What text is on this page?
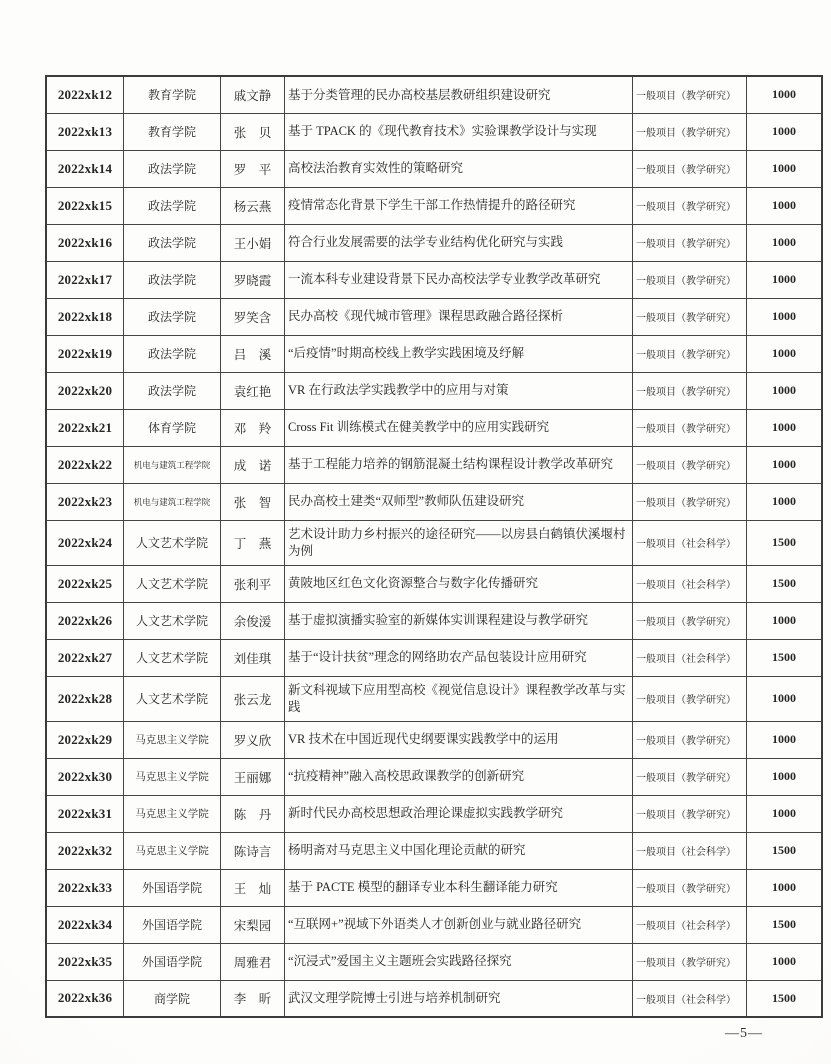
2022xk12	教育学院	戚文静	基于分类管理的民办高校基层教研组织建设研究	一般项目（教学研究）	1000
2022xk13	教育学院	张　贝	基于 TPACK 的《现代教育技术》实验课教学设计与实现	一般项目（教学研究）	1000
2022xk14	政法学院	罗　平	高校法治教育实效性的策略研究	一般项目（教学研究）	1000
2022xk15	政法学院	杨云燕	疫情常态化背景下学生干部工作热情提升的路径研究	一般项目（教学研究）	1000
2022xk16	政法学院	王小娟	符合行业发展需要的法学专业结构优化研究与实践	一般项目（教学研究）	1000
2022xk17	政法学院	罗晓霞	一流本科专业建设背景下民办高校法学专业教学改革研究	一般项目（教学研究）	1000
2022xk18	政法学院	罗笑含	民办高校《现代城市管理》课程思政融合路径探析	一般项目（教学研究）	1000
2022xk19	政法学院	吕　溪	“后疫情”时期高校线上教学实践困境及纾解	一般项目（教学研究）	1000
2022xk20	政法学院	袁红艳	VR 在行政法学实践教学中的应用与对策	一般项目（教学研究）	1000
2022xk21	体育学院	邓　羚	Cross Fit 训练模式在健美教学中的应用实践研究	一般项目（教学研究）	1000
2022xk22	机电与建筑工程学院	成　诺	基于工程能力培养的钢筋混凝土结构课程设计教学改革研究	一般项目（教学研究）	1000
2022xk23	机电与建筑工程学院	张　智	民办高校土建类“双师型”教师队伍建设研究	一般项目（教学研究）	1000
2022xk24	人文艺术学院	丁　燕	艺术设计助力乡村振兴的途径研究——以房县白鹤镇伏溪堰村为例	一般项目（社会科学）	1500
2022xk25	人文艺术学院	张利平	黄陂地区红色文化资源整合与数字化传播研究	一般项目（社会科学）	1500
2022xk26	人文艺术学院	余俊湲	基于虚拟演播实验室的新媒体实训课程建设与教学研究	一般项目（教学研究）	1000
2022xk27	人文艺术学院	刘佳琪	基于“设计扶贫”理念的网络助农产品包装设计应用研究	一般项目（社会科学）	1500
2022xk28	人文艺术学院	张云龙	新文科视域下应用型高校《视觉信息设计》课程教学改革与实践	一般项目（教学研究）	1000
2022xk29	马克思主义学院	罗义欣	VR 技术在中国近现代史纲要课实践教学中的运用	一般项目（教学研究）	1000
2022xk30	马克思主义学院	王丽娜	“抗疫精神”融入高校思政课教学的创新研究	一般项目（教学研究）	1000
2022xk31	马克思主义学院	陈　丹	新时代民办高校思想政治理论课虚拟实践教学研究	一般项目（教学研究）	1000
2022xk32	马克思主义学院	陈诗言	杨明斋对马克思主义中国化理论贡献的研究	一般项目（社会科学）	1500
2022xk33	外国语学院	王　灿	基于 PACTE 模型的翻译专业本科生翻译能力研究	一般项目（教学研究）	1000
2022xk34	外国语学院	宋梨园	“互联网+”视域下外语类人才创新创业与就业路径研究	一般项目（社会科学）	1500
2022xk35	外国语学院	周雅君	“沉浸式”爱国主义主题班会实践路径探究	一般项目（教学研究）	1000
2022xk36	商学院	李　昕	武汉文理学院博士引进与培养机制研究	一般项目（社会科学）	1500
—5—
